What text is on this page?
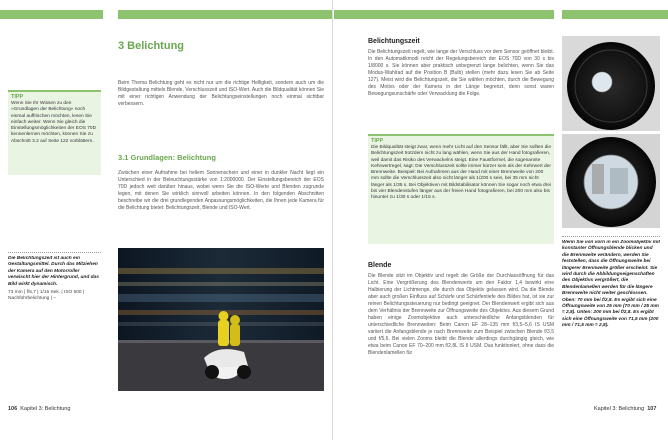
3 Belichtung
TIPP
Wenn Sie Ihr Wissen zu den »Grundlagen der Belichtung« noch einmal auffrischen möchten, lesen Sie einfach weiter. Wenn Sie gleich die Einstellungsmöglichkeiten der EOS 70D kennenlernen möchten, können Sie zu Abschnitt 3.2 auf Seite 122 vorblättern.
Beim Thema Belichtung geht es nicht nur um die richtige Helligkeit, sondern auch um die Bildgestaltung mittels Blende, Verschlusszeit und ISO-Wert. Auch die Bildqualität können Sie mit einer richtigen Anwendung der Belichtungseinstellungen noch einmal sichtbar verbessern.
3.1 Grundlagen: Belichtung
Zwischen einer Aufnahme bei hellem Sonnenschein und einer in dunkler Nacht liegt ein Unterschied in der Beleuchtungsstärke von 1:2000000. Der Einstellungsbereich der EOS 70D jedoch weit darüber hinaus, wobei wenn Sie die ISO-Werte und Blenden zugrunde legen, mit denen Sie wirklich sinnvoll arbeiten können. In den folgenden Abschnitten beschreibe wir die drei grundlegenden Anpassungsmöglichkeiten, die Ihnen jede Kamera für die Belichtung bietet: Belichtungszeit, Blende und ISO-Wert.
Die Belichtungszeit ist auch ein Gestaltungsmittel. Durch das Mitziehen der Kamera auf den Motorroller verwischt hier der Hintergrund, und das Bild wirkt dynamisch.
73 mm | f/5,7 | 1/15 Sek. | ISO 500 | Nachführbelichtung | –
106 Kapitel 3: Belichtung
Belichtungszeit
Die Belichtungszeit regelt, wie lange der Verschluss vor dem Sensor geöffnet bleibt. In den Automatikmodi reicht der Regelungsbereich der EOS 70D von 30 s bis 1/8000 s. Sie können aber praktisch unbegrenzt lange belichten, wenn Sie das Modus-Wahlrad auf die Position B (Bulb) stellen (mehr dazu lesen Sie ab Seite 127). Meist wird die Belichtungszeit, die Sie wählen möchten, durch die Bewegung des Motivs oder der Kamera in der Länge begrenzt, denn sonst waren Bewegungsunschärfe oder Verwacklung die Folge.
TIPP
Die Bildqualität steigt zwar, wenn mehr Licht auf den Sensor fällt, aber Sie sollten die Belichtungszeit trotzdem nicht zu lang wählen, wenn Sie aus der Hand fotografieren, weil damit das Risiko des Verwackelns steigt. Eine Faustformel, die sogenannte Kehrwertregel, sagt: Die Verschlusszeit sollte immer kürzer sein als der Kehrwert der Brennweite. Beispiel: Bei Aufnahmen aus der Hand mit einer Brennweite von 200 mm sollte die Verschlusszeit also nicht länger als 1/200 s sein, bei 35 mm nicht länger als 1/35 s. Bei Objektiven mit Bildstabilisator können Sie sogar noch etwa drei bis vier Blendenstufen länger aus der freien Hand fotografieren, bei 200 mm also bis hinunter zu 1/30 s oder 1/15 s.
Blende
Die Blende sitzt im Objektiv und regelt die Größe der Durchlassöffnung für das Licht. Eine Vergrößerung des Blendenwerts um den Faktor 1,4 bewirkt eine Halbierung der Lichtmenge, die durch das Objektiv gelassen wird. Da die Blende aber auch großen Einfluss auf Schärfe und Schärfentiefe des Bildes hat, ist sie zur reinen Belichtungssteuerung nur bedingt geeignet. Der Blendenwert ergibt sich aus dem Verhältnis der Brennweite zur Öffnungsweite des Objektivs. Aus diesem Grund haben einige Zoomobjektive auch unterschiedliche Anfangsblenden für unterschiedliche Brennweiten: Beim Canon EF 28–135 mm f/3,5–5,6 IS USM variiert die Anfangsblende je nach Brennweite zum Beispiel zwischen Blende f/3,5 und f/5,6. Bei vielen Zooms bleibt die Blende allerdings durchgängig gleich, wie etwa beim Canon EF 70–200 mm f/2,8L IS II USM. Das funktioniert, ohne dass die Blendenlamellen für
Wenn Sie von vorn in ein Zoomobjektiv mit konstanter Öffnungsblende blicken und die Brennweite verändern, werden Sie feststellen, dass die Öffnungsweite bei längerer Brennweite größer erscheint. Sie wird durch die Abbildungseigenschaften des Objektivs vergrößert, die Blendenlamellen werden für die längere Brennweite nicht weiter geschlossen. Oben: 70 mm bei f/2,8. Es ergibt sich eine Öffnungsweite von 25 mm (70 mm / 25 mm ≈ 2,8). Unten: 200 mm bei f/2,8. Es ergibt sich eine Öffnungsweite von 71,5 mm (200 mm / 71,5 mm ≈ 2,8).
Kapitel 3: Belichtung 107
